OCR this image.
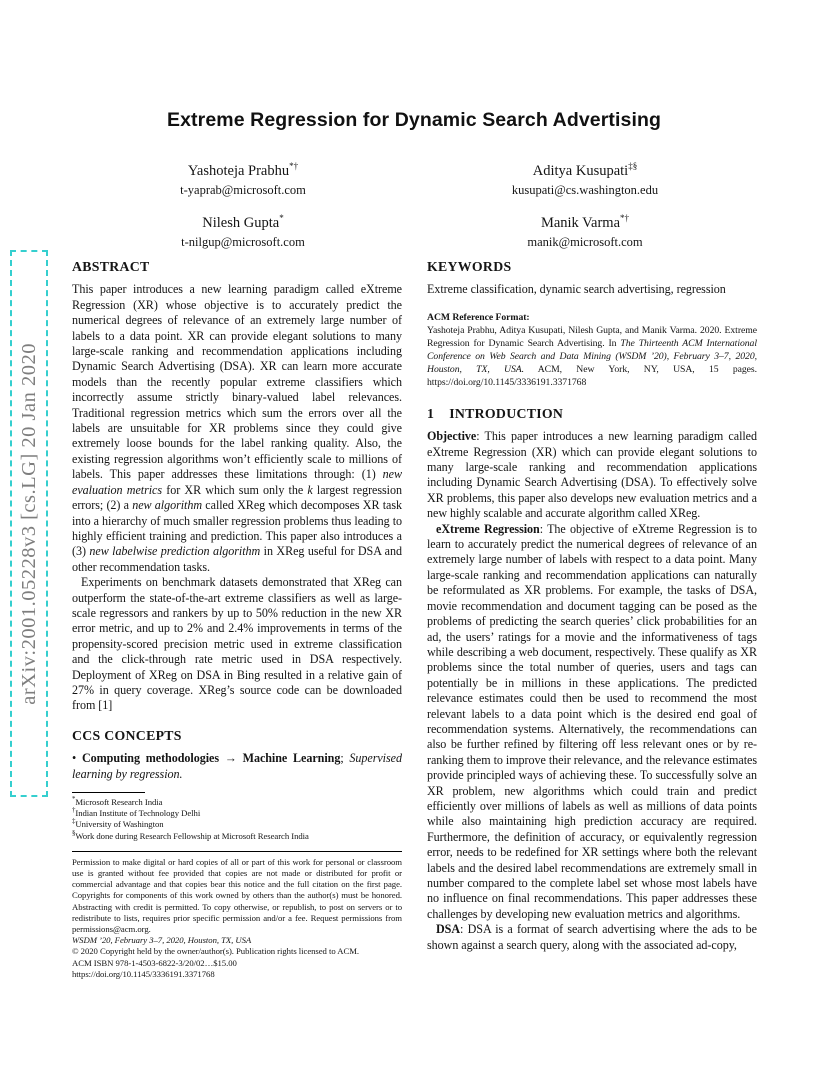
arXiv:2001.05228v3 [cs.LG] 20 Jan 2020
Extreme Regression for Dynamic Search Advertising
Yashoteja Prabhu*†
t-yaprab@microsoft.com
Aditya Kusupati‡§
kusupati@cs.washington.edu
Nilesh Gupta*
t-nilgup@microsoft.com
Manik Varma*†
manik@microsoft.com
ABSTRACT

This paper introduces a new learning paradigm called eXtreme Regression (XR) whose objective is to accurately predict the numerical degrees of relevance of an extremely large number of labels to a data point. XR can provide elegant solutions to many large-scale ranking and recommendation applications including Dynamic Search Advertising (DSA). XR can learn more accurate models than the recently popular extreme classifiers which incorrectly assume strictly binary-valued label relevances. Traditional regression metrics which sum the errors over all the labels are unsuitable for XR problems since they could give extremely loose bounds for the label ranking quality. Also, the existing regression algorithms won’t efficiently scale to millions of labels. This paper addresses these limitations through: (1) new evaluation metrics for XR which sum only the k largest regression errors; (2) a new algorithm called XReg which decomposes XR task into a hierarchy of much smaller regression problems thus leading to highly efficient training and prediction. This paper also introduces a (3) new labelwise prediction algorithm in XReg useful for DSA and other recommendation tasks.

Experiments on benchmark datasets demonstrated that XReg can outperform the state-of-the-art extreme classifiers as well as large-scale regressors and rankers by up to 50% reduction in the new XR error metric, and up to 2% and 2.4% improvements in terms of the propensity-scored precision metric used in extreme classification and the click-through rate metric used in DSA respectively. Deployment of XReg on DSA in Bing resulted in a relative gain of 27% in query coverage. XReg’s source code can be downloaded from [1]

CCS CONCEPTS

• Computing methodologies → Machine Learning; Supervised learning by regression.

*Microsoft Research India
†Indian Institute of Technology Delhi
‡University of Washington
§Work done during Research Fellowship at Microsoft Research India

Permission to make digital or hard copies of all or part of this work for personal or classroom use is granted without fee provided that copies are not made or distributed for profit or commercial advantage and that copies bear this notice and the full citation on the first page. Copyrights for components of this work owned by others than the author(s) must be honored. Abstracting with credit is permitted. To copy otherwise, or republish, to post on servers or to redistribute to lists, requires prior specific permission and/or a fee. Request permissions from permissions@acm.org.

WSDM ’20, February 3–7, 2020, Houston, TX, USA
© 2020 Copyright held by the owner/author(s). Publication rights licensed to ACM.
ACM ISBN 978-1-4503-6822-3/20/02…$15.00
https://doi.org/10.1145/3336191.3371768
KEYWORDS

Extreme classification, dynamic search advertising, regression

ACM Reference Format:

Yashoteja Prabhu, Aditya Kusupati, Nilesh Gupta, and Manik Varma. 2020. Extreme Regression for Dynamic Search Advertising. In The Thirteenth ACM International Conference on Web Search and Data Mining (WSDM ’20), February 3–7, 2020, Houston, TX, USA. ACM, New York, NY, USA, 15 pages. https://doi.org/10.1145/3336191.3371768

1 INTRODUCTION

Objective: This paper introduces a new learning paradigm called eXtreme Regression (XR) which can provide elegant solutions to many large-scale ranking and recommendation applications including Dynamic Search Advertising (DSA). To effectively solve XR problems, this paper also develops new evaluation metrics and a new highly scalable and accurate algorithm called XReg.

eXtreme Regression: The objective of eXtreme Regression is to learn to accurately predict the numerical degrees of relevance of an extremely large number of labels with respect to a data point. Many large-scale ranking and recommendation applications can naturally be reformulated as XR problems. For example, the tasks of DSA, movie recommendation and document tagging can be posed as the problems of predicting the search queries’ click probabilities for an ad, the users’ ratings for a movie and the informativeness of tags while describing a web document, respectively. These qualify as XR problems since the total number of queries, users and tags can potentially be in millions in these applications. The predicted relevance estimates could then be used to recommend the most relevant labels to a data point which is the desired end goal of recommendation systems. Alternatively, the recommendations can also be further refined by filtering off less relevant ones or by re-ranking them to improve their relevance, and the relevance estimates provide principled ways of achieving these. To successfully solve an XR problem, new algorithms which could train and predict efficiently over millions of labels as well as millions of data points while also maintaining high prediction accuracy are required. Furthermore, the definition of accuracy, or equivalently regression error, needs to be redefined for XR settings where both the relevant labels and the desired label recommendations are extremely small in number compared to the complete label set whose most labels have no influence on final recommendations. This paper addresses these challenges by developing new evaluation metrics and algorithms.

DSA: DSA is a format of search advertising where the ads to be shown against a search query, along with the associated ad-copy,
